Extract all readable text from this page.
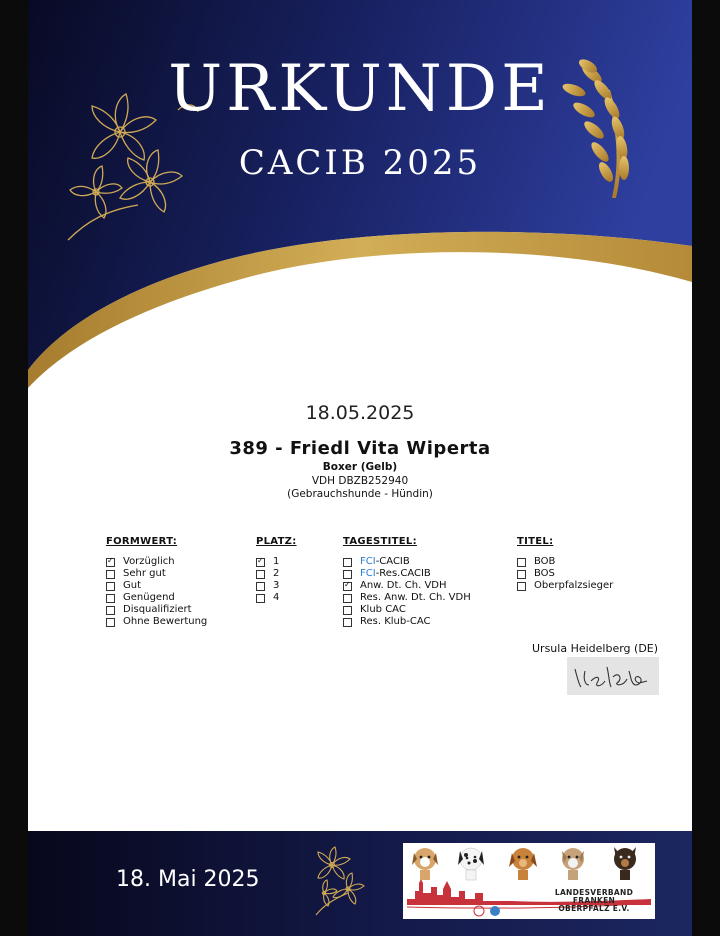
URKUNDE
CACIB 2025
18.05.2025
389 - Friedl Vita Wiperta
Boxer (Gelb)
VDH DBZB252940
(Gebrauchshunde - Hündin)
FORMWERT:
✓
Vorzüglich
Sehr gut
Gut
Genügend
Disqualifiziert
Ohne Bewertung
PLATZ:
✓
1
2
3
4
TAGESTITEL:
FCI -CACIB
FCI -Res.CACIB
✓
Anw. Dt. Ch. VDH
Res. Anw. Dt. Ch. VDH
Klub CAC
Res. Klub-CAC
TITEL:
BOB
BOS
Oberpfalzsieger
Ursula Heidelberg (DE)
18. Mai 2025
LANDESVERBAND FRANKEN
OBERPFALZ E.V.
